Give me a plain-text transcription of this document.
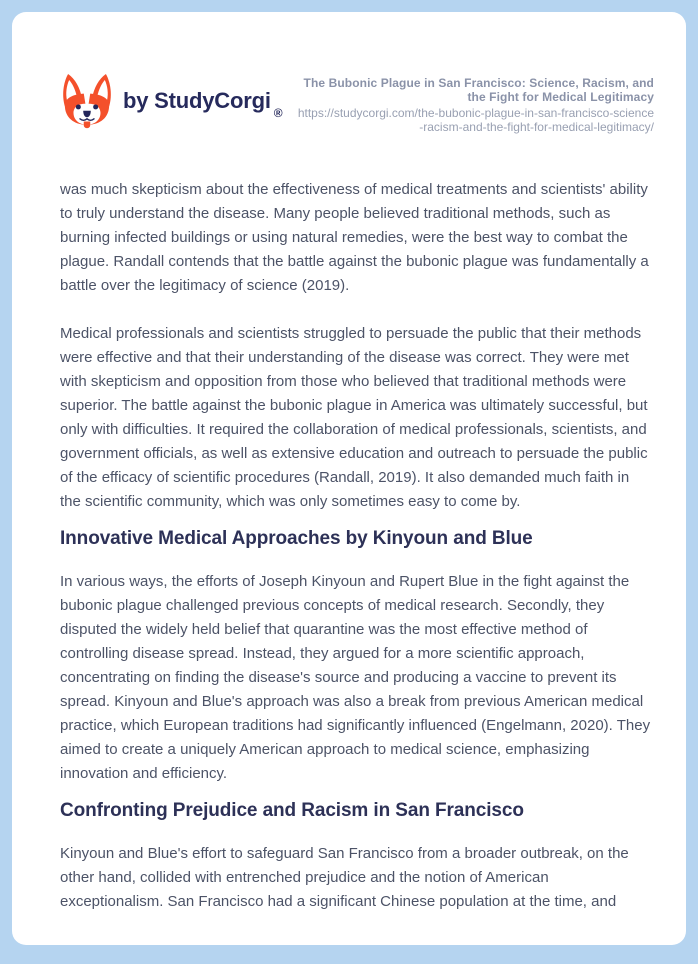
by StudyCorgi ®
The Bubonic Plague in San Francisco: Science, Racism, and the Fight for Medical Legitimacy
https://studycorgi.com/the-bubonic-plague-in-san-francisco-science-racism-and-the-fight-for-medical-legitimacy/

was much skepticism about the effectiveness of medical treatments and scientists' ability to truly understand the disease. Many people believed traditional methods, such as burning infected buildings or using natural remedies, were the best way to combat the plague. Randall contends that the battle against the bubonic plague was fundamentally a battle over the legitimacy of science (2019).

Medical professionals and scientists struggled to persuade the public that their methods were effective and that their understanding of the disease was correct. They were met with skepticism and opposition from those who believed that traditional methods were superior. The battle against the bubonic plague in America was ultimately successful, but only with difficulties. It required the collaboration of medical professionals, scientists, and government officials, as well as extensive education and outreach to persuade the public of the efficacy of scientific procedures (Randall, 2019). It also demanded much faith in the scientific community, which was only sometimes easy to come by.

Innovative Medical Approaches by Kinyoun and Blue

In various ways, the efforts of Joseph Kinyoun and Rupert Blue in the fight against the bubonic plague challenged previous concepts of medical research. Secondly, they disputed the widely held belief that quarantine was the most effective method of controlling disease spread. Instead, they argued for a more scientific approach, concentrating on finding the disease's source and producing a vaccine to prevent its spread. Kinyoun and Blue's approach was also a break from previous American medical practice, which European traditions had significantly influenced (Engelmann, 2020). They aimed to create a uniquely American approach to medical science, emphasizing innovation and efficiency.

Confronting Prejudice and Racism in San Francisco

Kinyoun and Blue's effort to safeguard San Francisco from a broader outbreak, on the other hand, collided with entrenched prejudice and the notion of American exceptionalism. San Francisco had a significant Chinese population at the time, and
